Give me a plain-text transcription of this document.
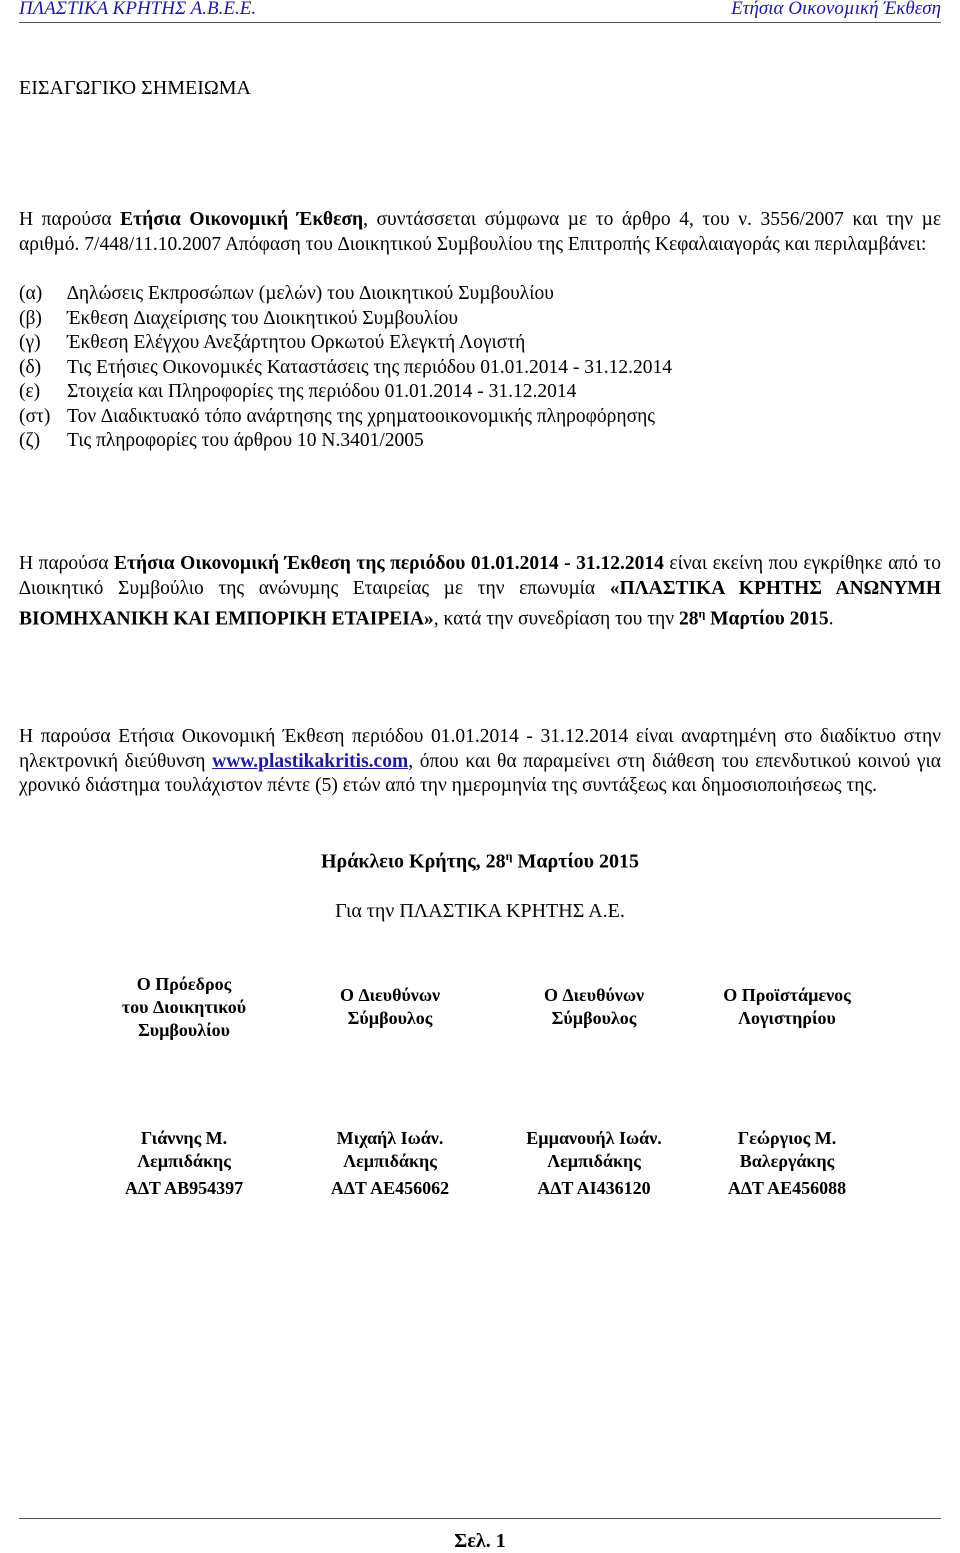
ΠΛΑΣΤΙΚΑ ΚΡΗΤΗΣ Α.Β.Ε.Ε.	Ετήσια Οικονοµική Έκθεση
ΕΙΣΑΓΩΓΙΚΟ ΣΗΜΕΙΩΜΑ
Η παρούσα Ετήσια Οικονοµική Έκθεση, συντάσσεται σύµφωνα µε το άρθρο 4, του ν. 3556/2007 και την µε αριθµό. 7/448/11.10.2007 Απόφαση του ∆ιοικητικού Συµβουλίου της Επιτροπής Κεφαλαιαγοράς και περιλαµβάνει:
(α) ∆ηλώσεις Εκπροσώπων (µελών) του ∆ιοικητικού Συµβουλίου
(β) Έκθεση ∆ιαχείρισης του ∆ιοικητικού Συµβουλίου
(γ) Έκθεση Ελέγχου Ανεξάρτητου Ορκωτού Ελεγκτή Λογιστή
(δ) Τις Ετήσιες Οικονοµικές Καταστάσεις της περιόδου 01.01.2014 - 31.12.2014
(ε) Στοιχεία και Πληροφορίες της περιόδου 01.01.2014 - 31.12.2014
(στ) Τον ∆ιαδικτυακό τόπο ανάρτησης της χρηµατοοικονοµικής πληροφόρησης
(ζ) Τις πληροφορίες του άρθρου 10 Ν.3401/2005
Η παρούσα Ετήσια Οικονοµική Έκθεση της περιόδου 01.01.2014 - 31.12.2014 είναι εκείνη που εγκρίθηκε από το ∆ιοικητικό Συµβούλιο της ανώνυµης Εταιρείας µε την επωνυµία «ΠΛΑΣΤΙΚΑ ΚΡΗΤΗΣ ΑΝΩΝΥΜΗ ΒΙΟΜΗΧΑΝΙΚΗ ΚΑΙ ΕΜΠΟΡΙΚΗ ΕΤΑΙΡΕΙΑ», κατά την συνεδρίαση του την $28^\eta$ Μαρτίου 2015.
Η παρούσα Ετήσια Οικονοµική Έκθεση περιόδου 01.01.2014 - 31.12.2014 είναι αναρτηµένη στο διαδίκτυο στην ηλεκτρονική διεύθυνση www.plastikakritis.com, όπου και θα παραµείνει στη διάθεση του επενδυτικού κοινού για χρονικό διάστηµα τουλάχιστον πέντε (5) ετών από την ηµεροµηνία της συντάξεως και δηµοσιοποιήσεως της.
Ηράκλειο Κρήτης, $28^\eta$ Μαρτίου 2015
Για την ΠΛΑΣΤΙΚΑ ΚΡΗΤΗΣ Α.Ε.
Ο Πρόεδρος
του ∆ιοικητικού
Συµβουλίου
Γιάννης Μ.
Λεµπιδάκης
Α∆Τ ΑΒ954397
Ο ∆ιευθύνων
Σύµβουλος
Μιχαήλ Ιωάν.
Λεµπιδάκης
Α∆Τ ΑΕ456062
Ο ∆ιευθύνων
Σύµβουλος
Εµµανουήλ Ιωάν.
Λεµπιδάκης
Α∆Τ ΑΙ436120
Ο Προϊστάµενος
Λογιστηρίου
Γεώργιος Μ.
Βαλεργάκης
Α∆Τ ΑΕ456088
Σελ. 1
